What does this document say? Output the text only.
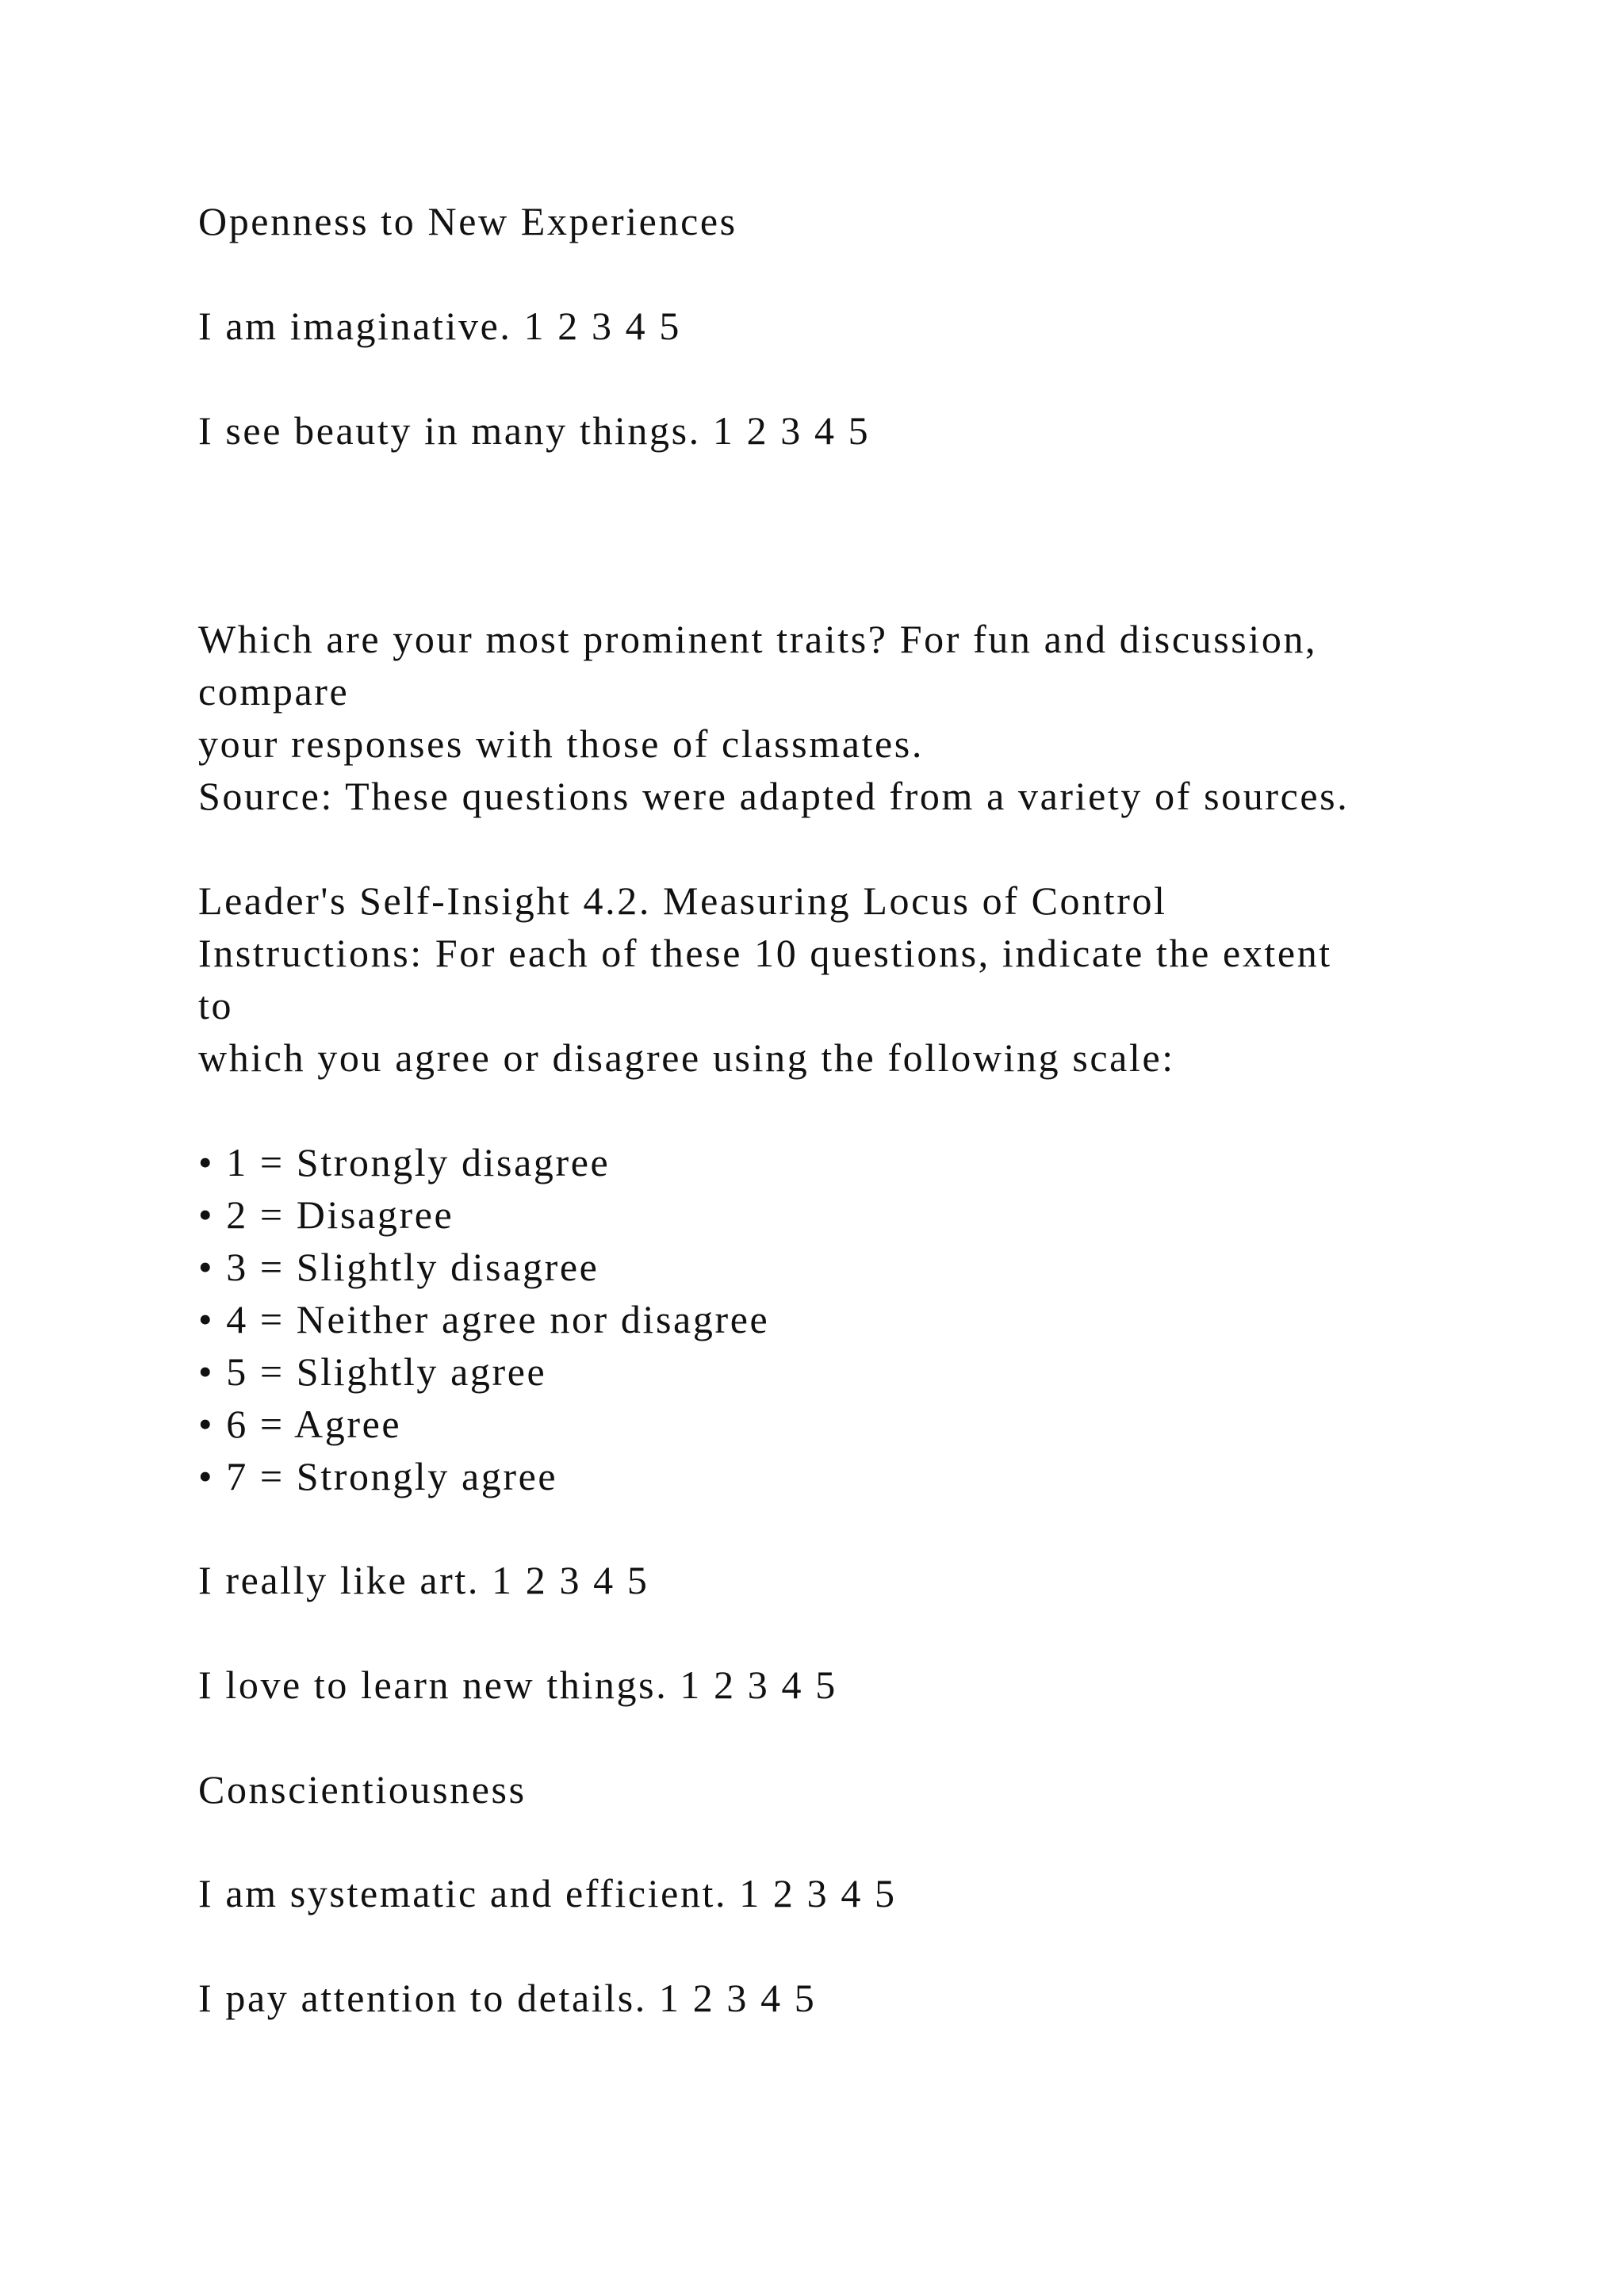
Openness to New Experiences

I am imaginative. 1 2 3 4 5

I see beauty in many things. 1 2 3 4 5

Which are your most prominent traits? For fun and discussion,

compare

your responses with those of classmates.

Source: These questions were adapted from a variety of sources.

Leader's Self-Insight 4.2. Measuring Locus of Control

Instructions: For each of these 10 questions, indicate the extent

to

which you agree or disagree using the following scale:

• 1 = Strongly disagree

• 2 = Disagree

• 3 = Slightly disagree

• 4 = Neither agree nor disagree

• 5 = Slightly agree

• 6 = Agree

• 7 = Strongly agree

I really like art. 1 2 3 4 5

I love to learn new things. 1 2 3 4 5

Conscientiousness

I am systematic and efficient. 1 2 3 4 5

I pay attention to details. 1 2 3 4 5
